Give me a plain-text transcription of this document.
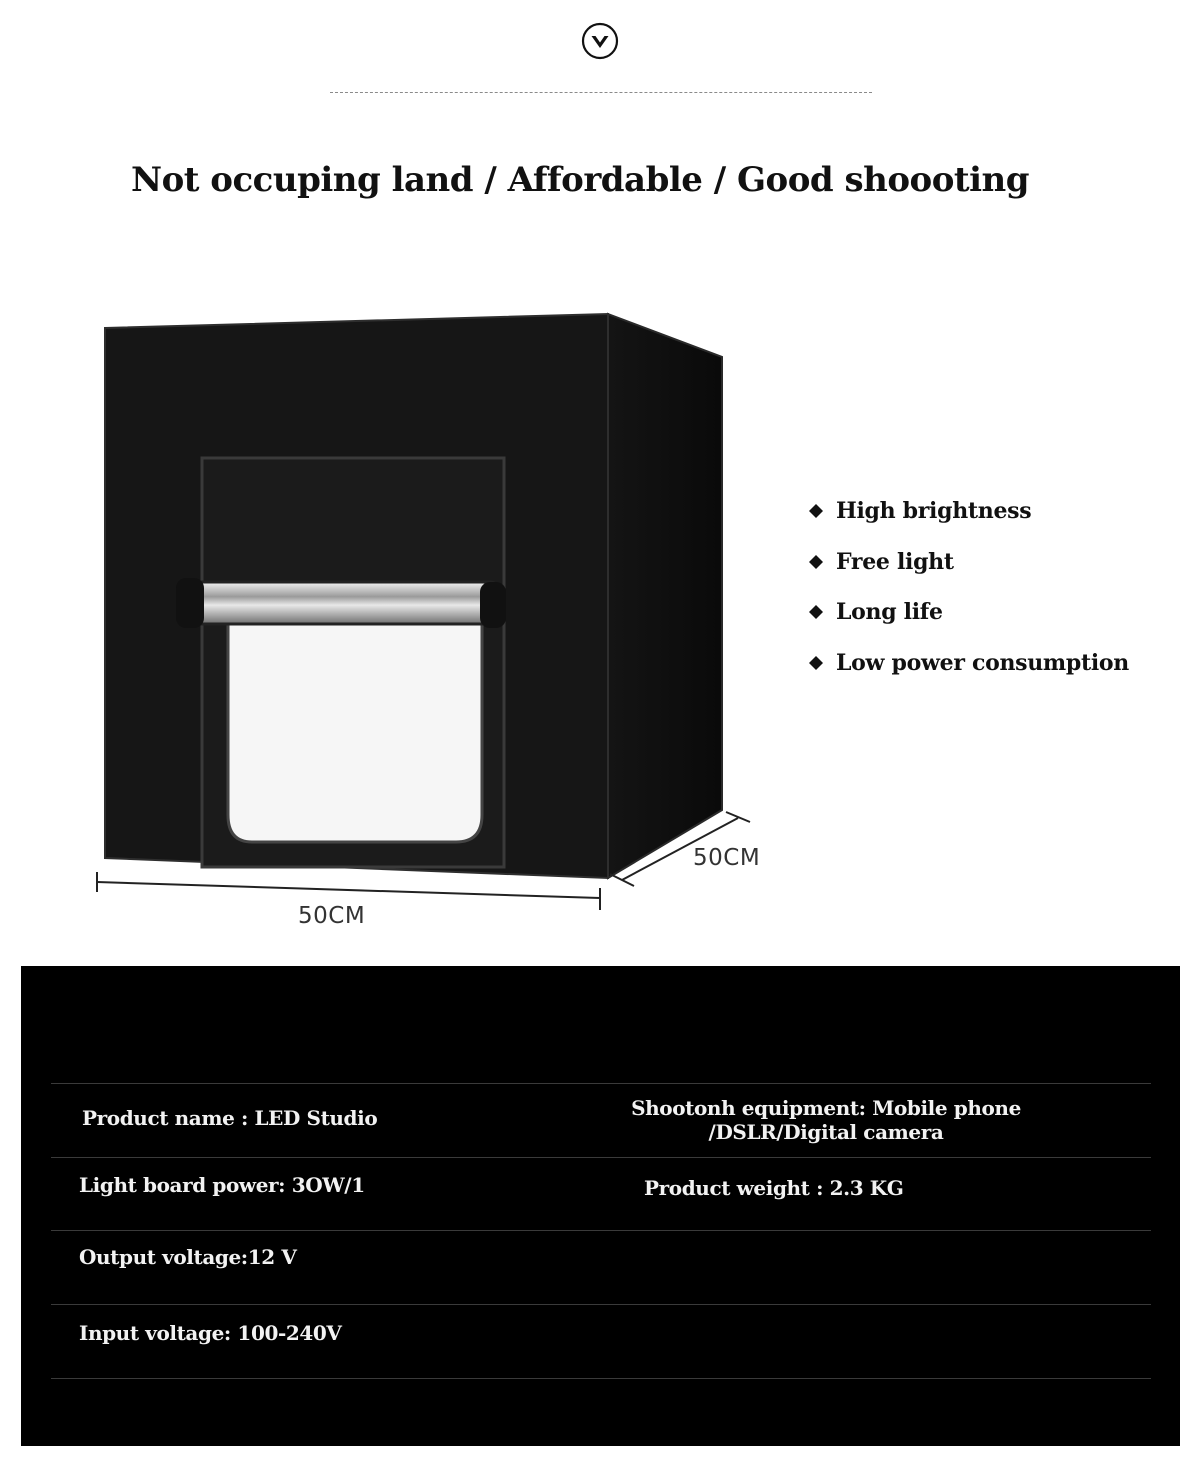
Not occuping land / Affordable / Good shoooting
50CM
50CM
High brightness
Free light
Long life
Low power consumption
Product name : LED Studio	Shootonh equipment: Mobile phone
/DSLR/Digital camera
Light board power: 3OW/1	Product weight : 2.3 KG
Output voltage:12 V
Input voltage: 100-240V
